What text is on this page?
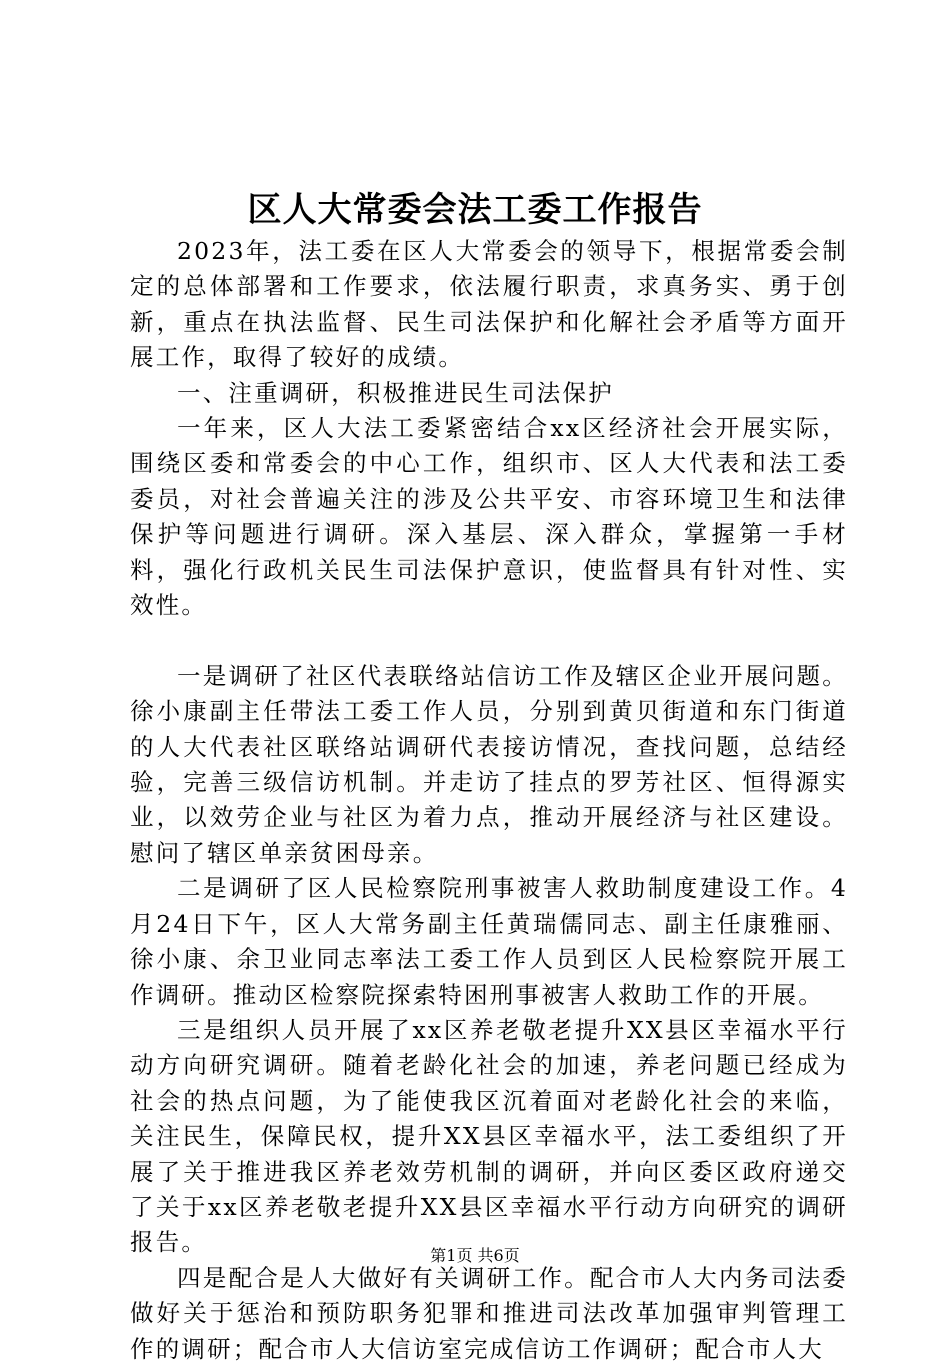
区人大常委会法工委工作报告

2023年，法工委在区人大常委会的领导下，根据常委会制定的总体部署和工作要求，依法履行职责，求真务实、勇于创新，重点在执法监督、民生司法保护和化解社会矛盾等方面开展工作，取得了较好的成绩。

一、注重调研，积极推进民生司法保护

一年来，区人大法工委紧密结合xx区经济社会开展实际，围绕区委和常委会的中心工作，组织市、区人大代表和法工委委员，对社会普遍关注的涉及公共平安、市容环境卫生和法律保护等问题进行调研。深入基层、深入群众，掌握第一手材料，强化行政机关民生司法保护意识，使监督具有针对性、实效性。

一是调研了社区代表联络站信访工作及辖区企业开展问题。徐小康副主任带法工委工作人员，分别到黄贝街道和东门街道的人大代表社区联络站调研代表接访情况，查找问题，总结经验，完善三级信访机制。并走访了挂点的罗芳社区、恒得源实业，以效劳企业与社区为着力点，推动开展经济与社区建设。慰问了辖区单亲贫困母亲。

二是调研了区人民检察院刑事被害人救助制度建设工作。4月24日下午，区人大常务副主任黄瑞儒同志、副主任康雅丽、徐小康、余卫业同志率法工委工作人员到区人民检察院开展工作调研。推动区检察院探索特困刑事被害人救助工作的开展。

三是组织人员开展了xx区养老敬老提升XX县区幸福水平行动方向研究调研。随着老龄化社会的加速，养老问题已经成为社会的热点问题，为了能使我区沉着面对老龄化社会的来临，关注民生，保障民权，提升XX县区幸福水平，法工委组织了开展了关于推进我区养老效劳机制的调研，并向区委区政府递交了关于xx区养老敬老提升XX县区幸福水平行动方向研究的调研报告。

四是配合是人大做好有关调研工作。配合市人大内务司法委做好关于惩治和预防职务犯罪和推进司法改革加强审判管理工作的调研；配合市人大信访室完成信访工作调研；配合市人大

第1页 共6页
